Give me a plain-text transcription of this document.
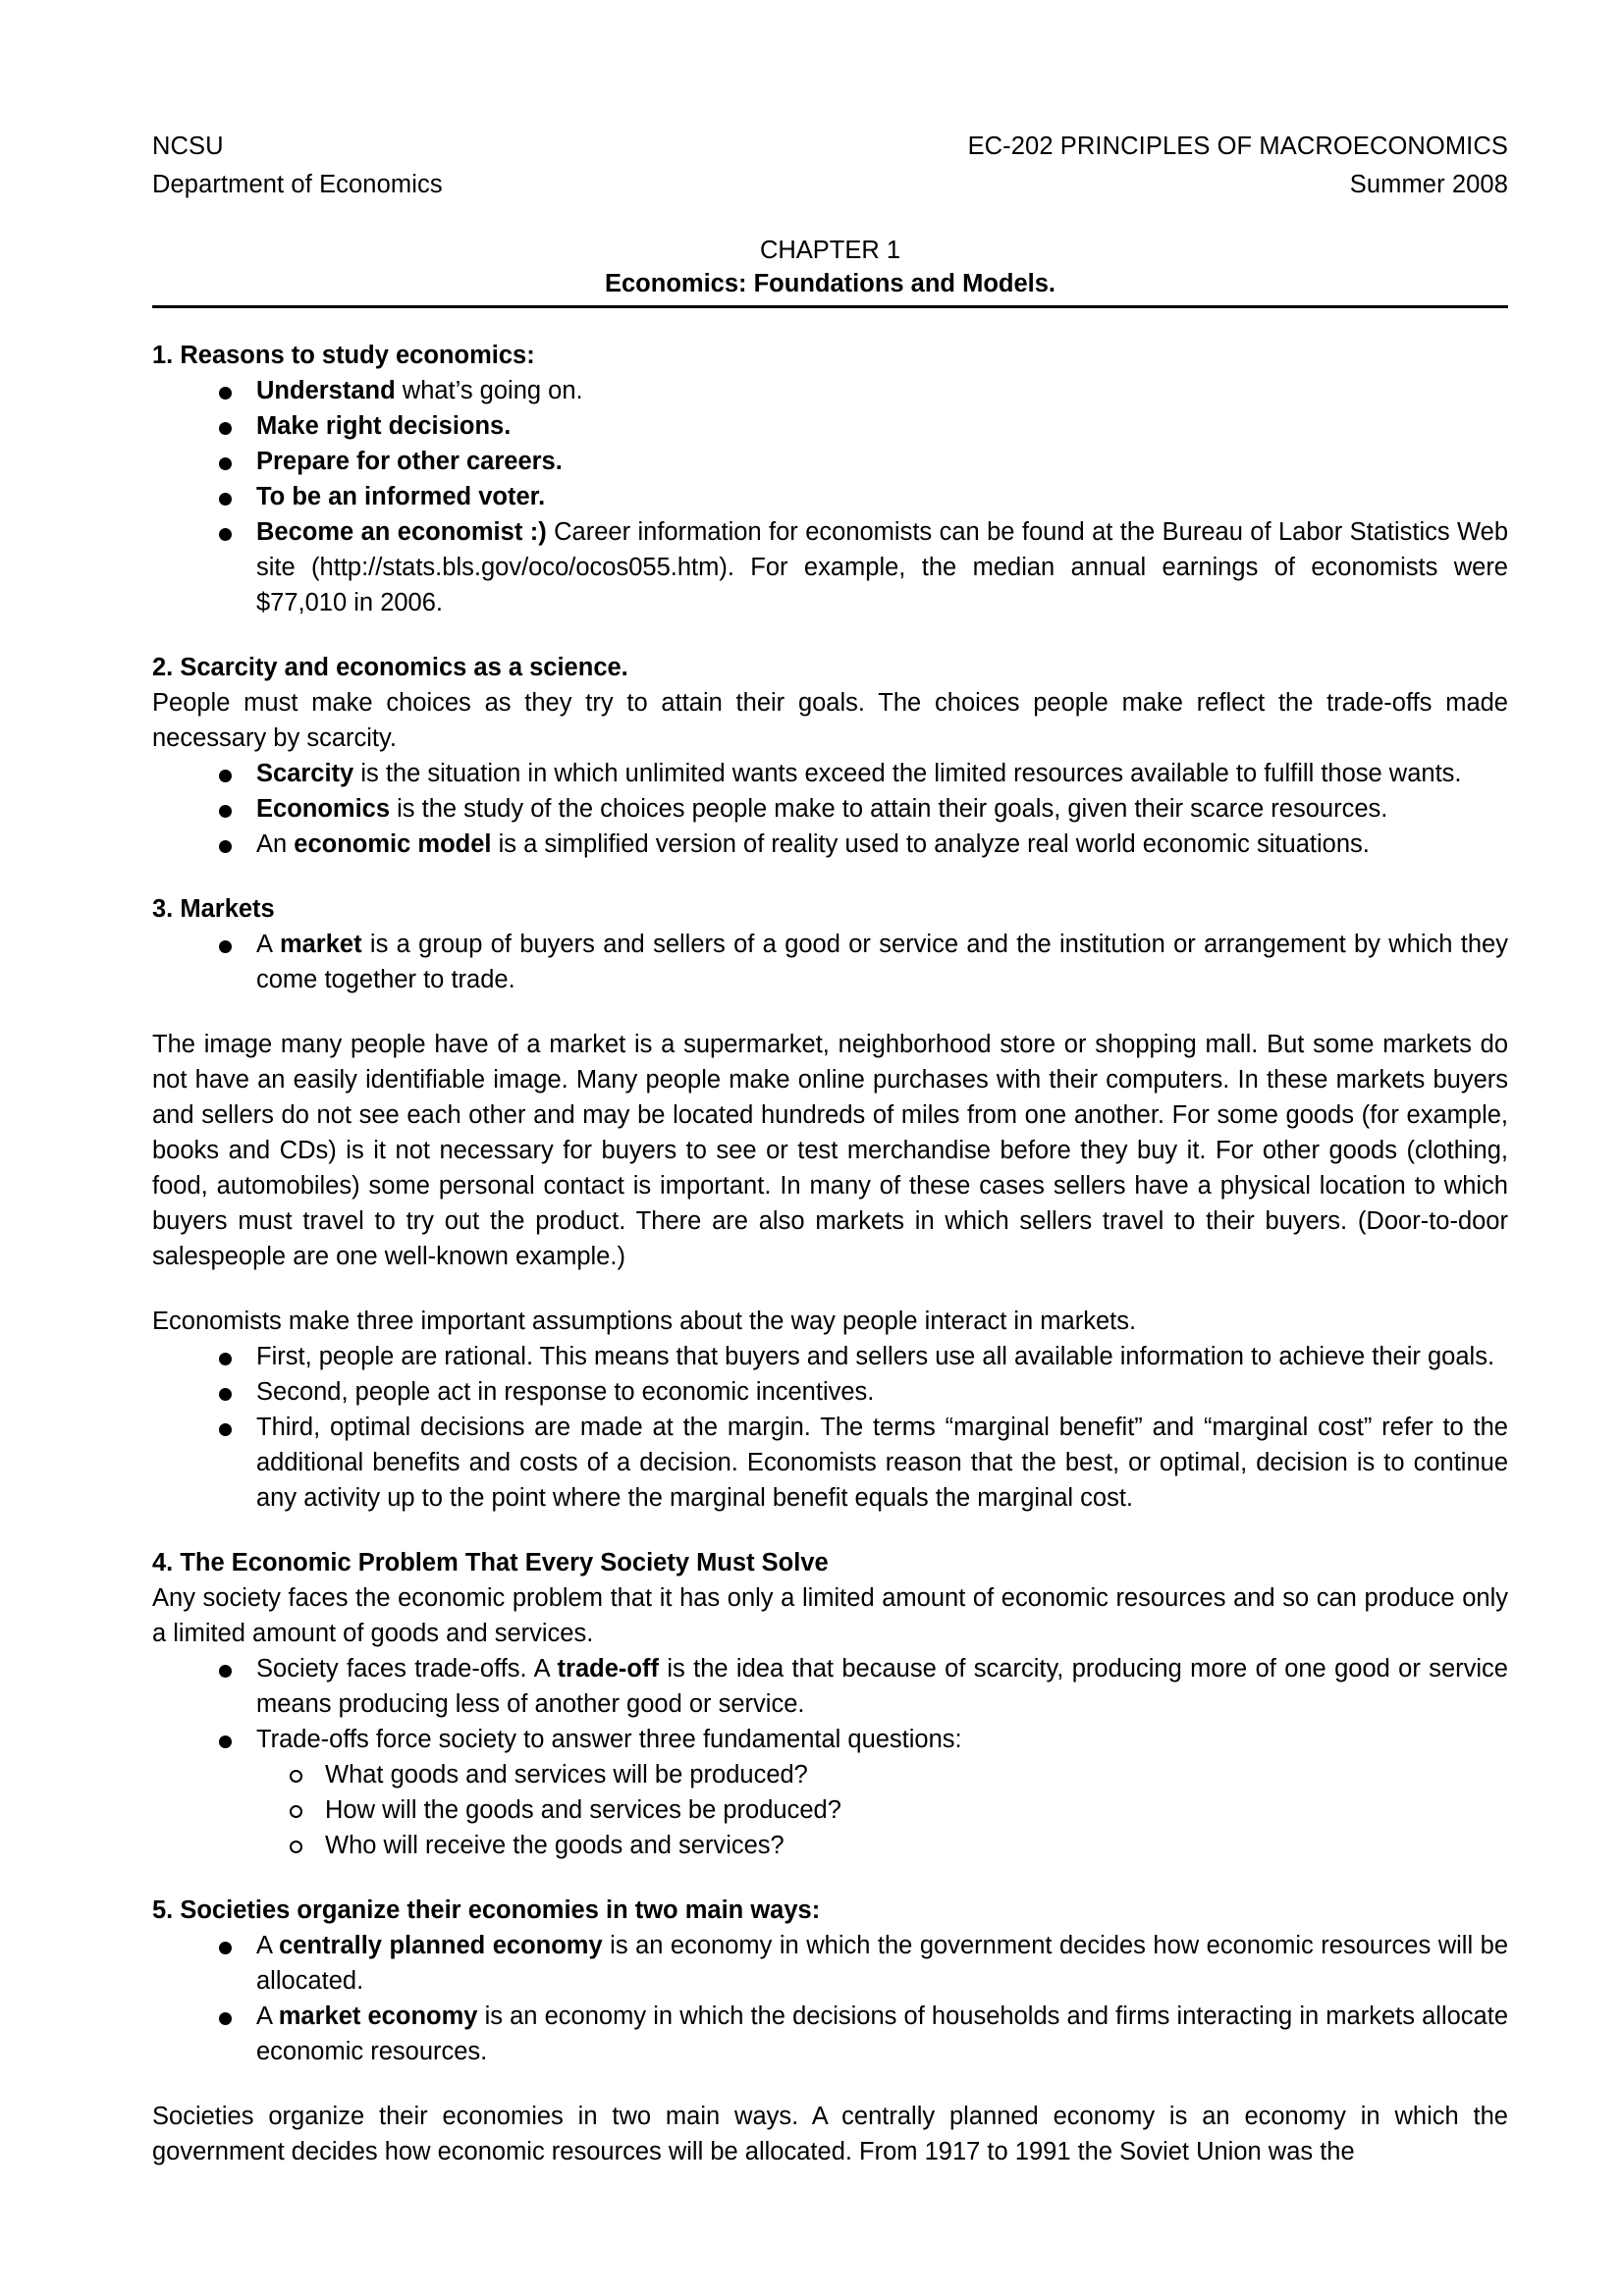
NCSU	EC-202 PRINCIPLES OF MACROECONOMICS
Department of Economics	Summer 2008
CHAPTER 1
Economics: Foundations and Models.
1. Reasons to study economics:
Understand what’s going on.
Make right decisions.
Prepare for other careers.
To be an informed voter.
Become an economist :) Career information for economists can be found at the Bureau of Labor Statistics Web site (http://stats.bls.gov/oco/ocos055.htm). For example, the median annual earnings of economists were $77,010 in 2006.
2. Scarcity and economics as a science.

People must make choices as they try to attain their goals. The choices people make reflect the trade-offs made necessary by scarcity.

Scarcity is the situation in which unlimited wants exceed the limited resources available to fulfill those wants.
Economics is the study of the choices people make to attain their goals, given their scarce resources.
An economic model is a simplified version of reality used to analyze real world economic situations.
3. Markets
A market is a group of buyers and sellers of a good or service and the institution or arrangement by which they come together to trade.

The image many people have of a market is a supermarket, neighborhood store or shopping mall. But some markets do not have an easily identifiable image. Many people make online purchases with their computers. In these markets buyers and sellers do not see each other and may be located hundreds of miles from one another. For some goods (for example, books and CDs) is it not necessary for buyers to see or test merchandise before they buy it. For other goods (clothing, food, automobiles) some personal contact is important. In many of these cases sellers have a physical location to which buyers must travel to try out the product. There are also markets in which sellers travel to their buyers. (Door-to-door salespeople are one well-known example.)

Economists make three important assumptions about the way people interact in markets.

First, people are rational. This means that buyers and sellers use all available information to achieve their goals.
Second, people act in response to economic incentives.
Third, optimal decisions are made at the margin. The terms “marginal benefit” and “marginal cost” refer to the additional benefits and costs of a decision. Economists reason that the best, or optimal, decision is to continue any activity up to the point where the marginal benefit equals the marginal cost.
4. The Economic Problem That Every Society Must Solve

Any society faces the economic problem that it has only a limited amount of economic resources and so can produce only a limited amount of goods and services.

Society faces trade-offs. A trade-off is the idea that because of scarcity, producing more of one good or service means producing less of another good or service.
Trade-offs force society to answer three fundamental questions:
What goods and services will be produced?
How will the goods and services be produced?
Who will receive the goods and services?
5. Societies organize their economies in two main ways:
A centrally planned economy is an economy in which the government decides how economic resources will be allocated.
A market economy is an economy in which the decisions of households and firms interacting in markets allocate economic resources.

Societies organize their economies in two main ways. A centrally planned economy is an economy in which the government decides how economic resources will be allocated. From 1917 to 1991 the Soviet Union was the
